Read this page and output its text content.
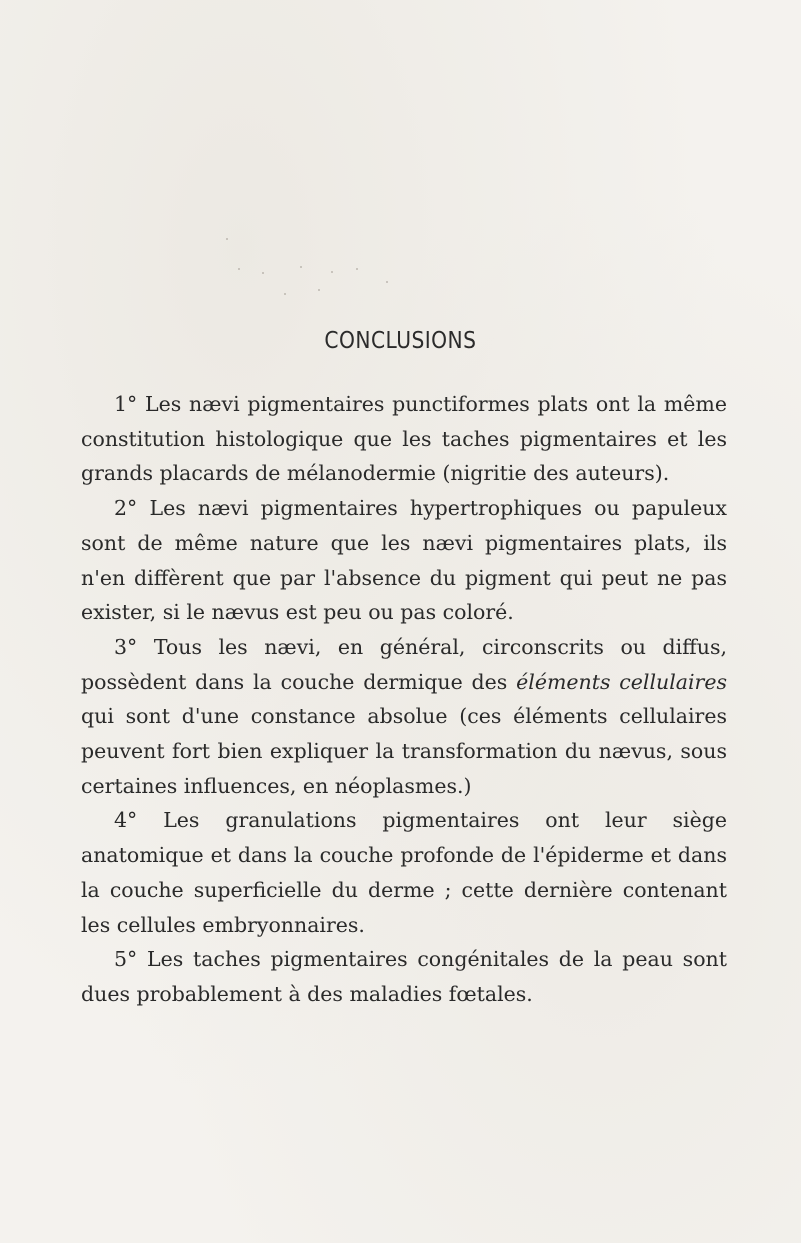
CONCLUSIONS

1° Les nævi pigmentaires punctiformes plats ont la même constitution histologique que les taches pigmentaires et les grands placards de mélanodermie (nigritie des auteurs).

2° Les nævi pigmentaires hypertrophiques ou papuleux sont de même nature que les nævi pigmentaires plats, ils n'en diffèrent que par l'absence du pigment qui peut ne pas exister, si le nævus est peu ou pas coloré.

3° Tous les nævi, en général, circonscrits ou diffus, possèdent dans la couche dermique des éléments cellulaires qui sont d'une constance absolue (ces éléments cellulaires peuvent fort bien expliquer la transformation du nævus, sous certaines influences, en néoplasmes.)

4° Les granulations pigmentaires ont leur siège anatomique et dans la couche profonde de l'épiderme et dans la couche superficielle du derme ; cette dernière contenant les cellules embryonnaires.

5° Les taches pigmentaires congénitales de la peau sont dues probablement à des maladies fœtales.
